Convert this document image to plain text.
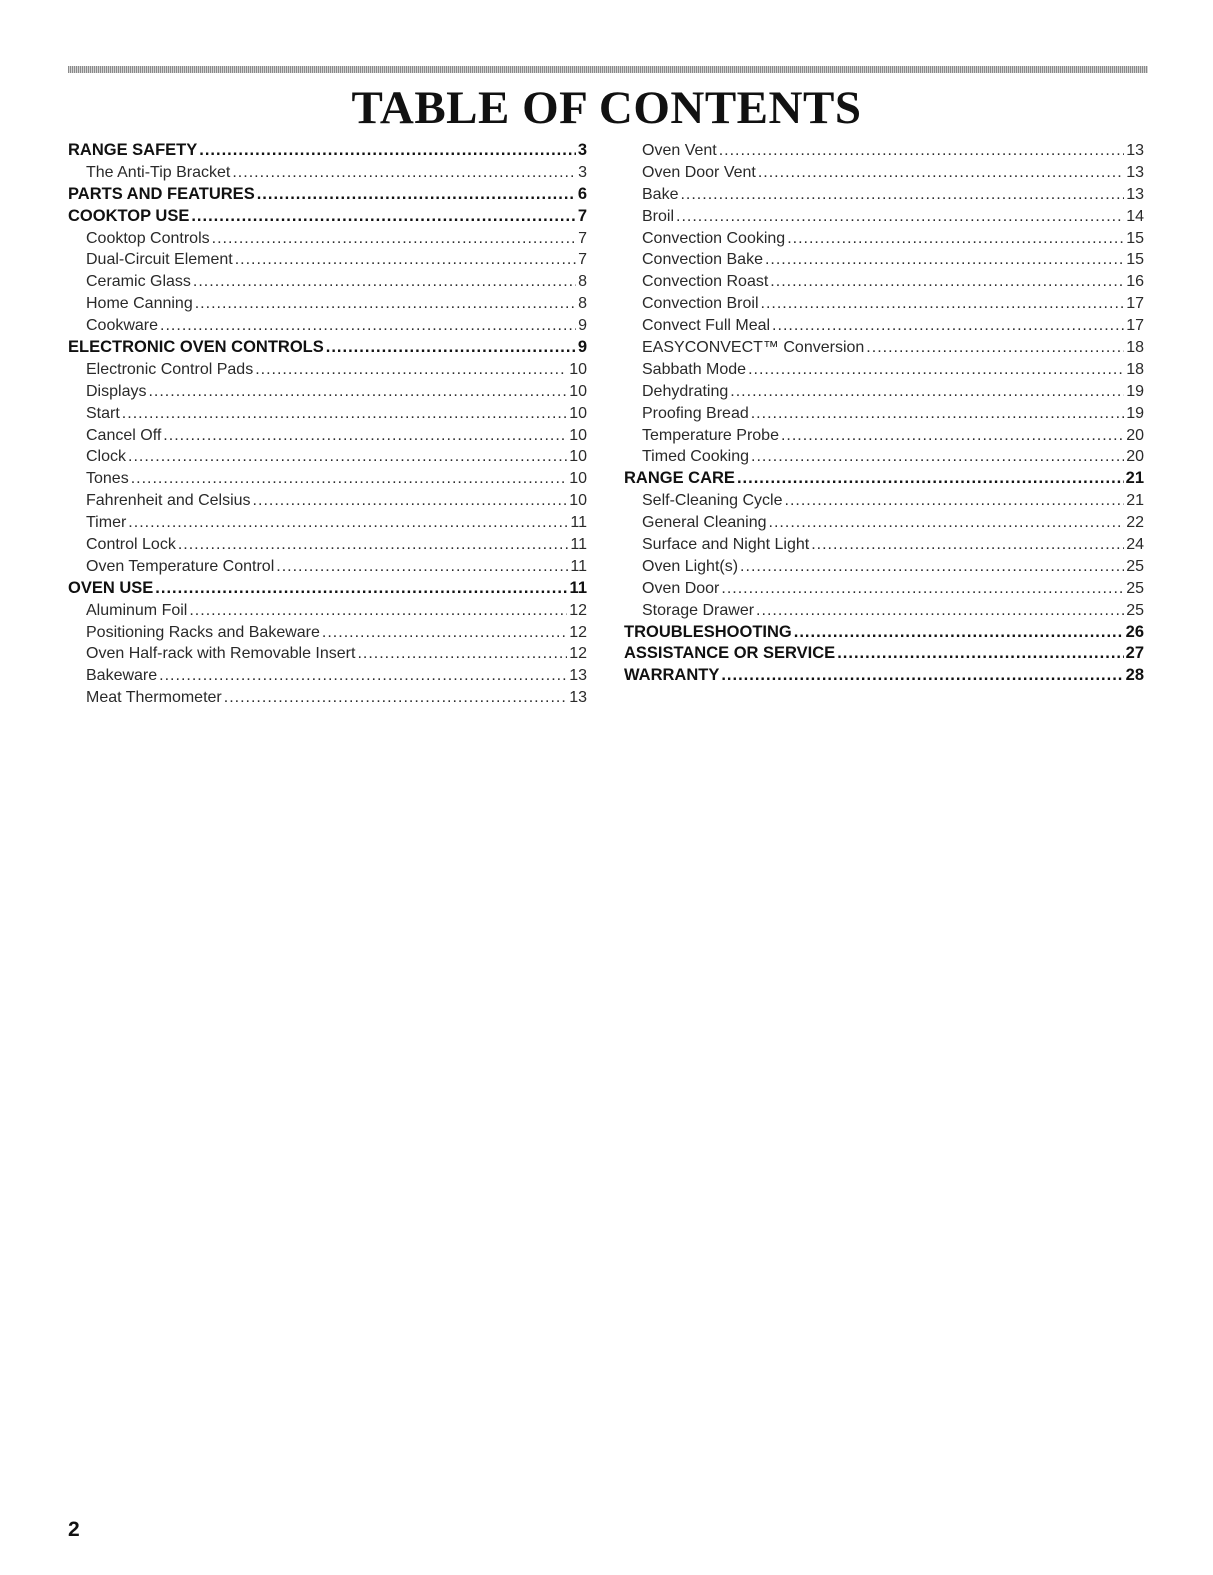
TABLE OF CONTENTS
RANGE SAFETY .....	3
The Anti-Tip Bracket .....	3
PARTS AND FEATURES .....	6
COOKTOP USE .....	7
Cooktop Controls .....	7
Dual-Circuit Element .....	7
Ceramic Glass .....	8
Home Canning .....	8
Cookware .....	9
ELECTRONIC OVEN CONTROLS .....	9
Electronic Control Pads .....	10
Displays .....	10
Start .....	10
Cancel Off .....	10
Clock .....	10
Tones .....	10
Fahrenheit and Celsius .....	10
Timer .....	11
Control Lock .....	11
Oven Temperature Control .....	11
OVEN USE .....	11
Aluminum Foil .....	12
Positioning Racks and Bakeware .....	12
Oven Half-rack with Removable Insert .....	12
Bakeware .....	13
Meat Thermometer .....	13
Oven Vent .....	13
Oven Door Vent .....	13
Bake .....	13
Broil .....	14
Convection Cooking .....	15
Convection Bake .....	15
Convection Roast .....	16
Convection Broil .....	17
Convect Full Meal .....	17
EASYCONVECT™ Conversion .....	18
Sabbath Mode .....	18
Dehydrating .....	19
Proofing Bread .....	19
Temperature Probe .....	20
Timed Cooking .....	20
RANGE CARE .....	21
Self-Cleaning Cycle .....	21
General Cleaning .....	22
Surface and Night Light .....	24
Oven Light(s) .....	25
Oven Door .....	25
Storage Drawer .....	25
TROUBLESHOOTING .....	26
ASSISTANCE OR SERVICE .....	27
WARRANTY .....	28
2
